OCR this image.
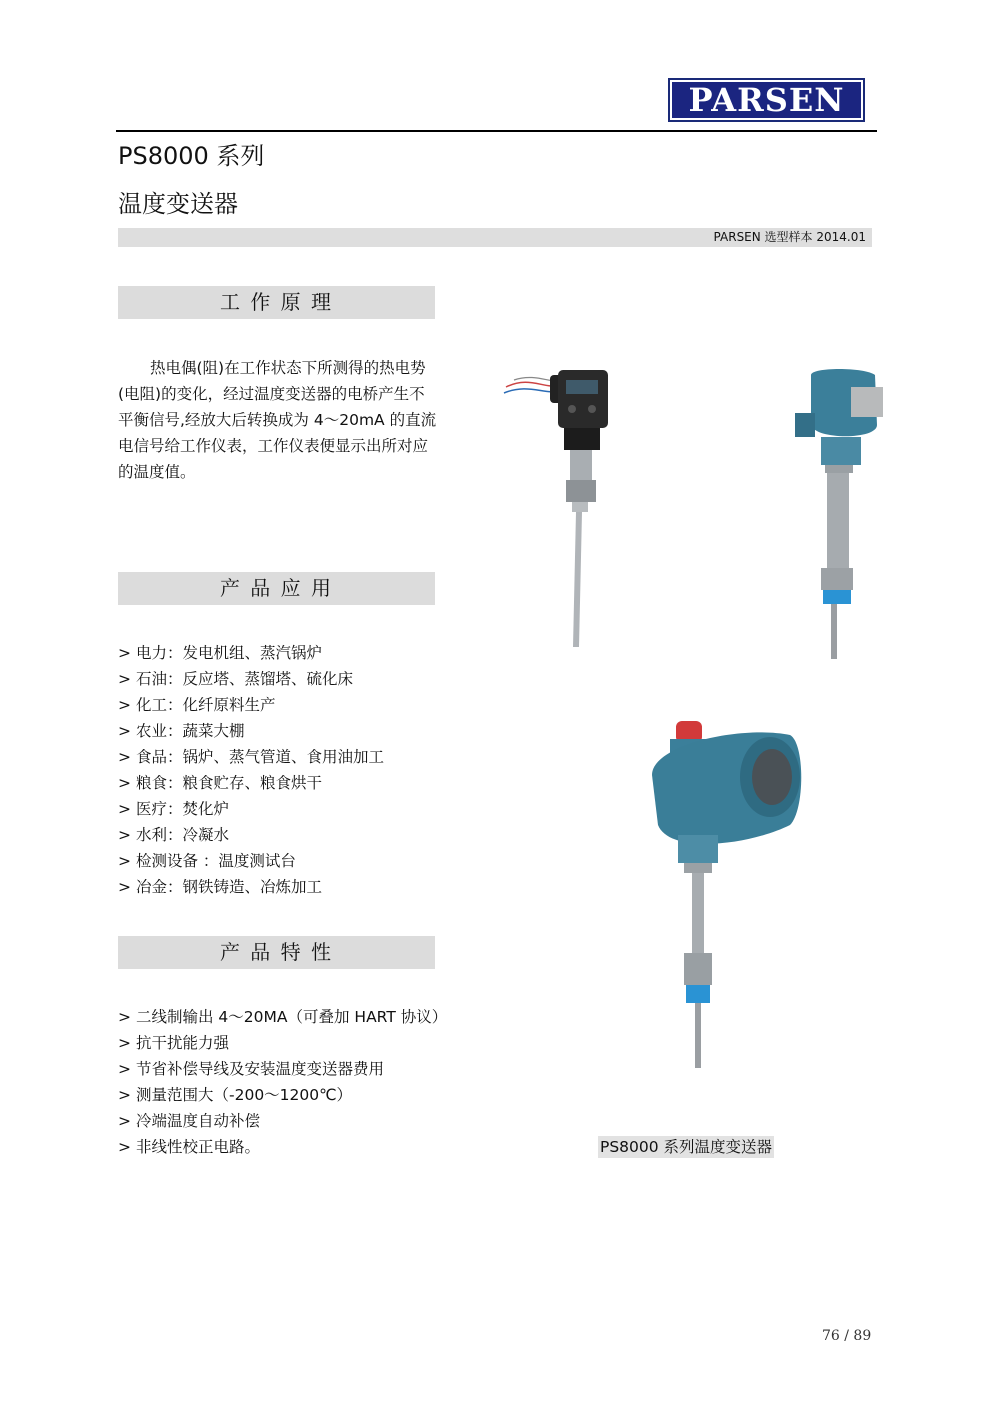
PARSEN
PS8000 系列
温度变送器
PARSEN 选型样本 2014.01
工 作 原 理
热电偶(阻)在工作状态下所测得的热电势(电阻)的变化，经过温度变送器的电桥产生不平衡信号,经放大后转换成为 4～20mA 的直流电信号给工作仪表，工作仪表便显示出所对应的温度值。
产 品 应 用
> 电力：发电机组、蒸汽锅炉
> 石油：反应塔、蒸馏塔、硫化床
> 化工：化纤原料生产
> 农业：蔬菜大棚
> 食品：锅炉、蒸气管道、食用油加工
> 粮食：粮食贮存、粮食烘干
> 医疗：焚化炉
> 水利：冷凝水
> 检测设备 ：温度测试台
> 冶金：钢铁铸造、冶炼加工
产 品 特 性
> 二线制输出 4～20MA（可叠加 HART 协议）
> 抗干扰能力强
> 节省补偿导线及安装温度变送器费用
> 测量范围大（-200～1200℃）
> 冷端温度自动补偿
> 非线性校正电路。	PS8000 系列温度变送器
76 / 89
